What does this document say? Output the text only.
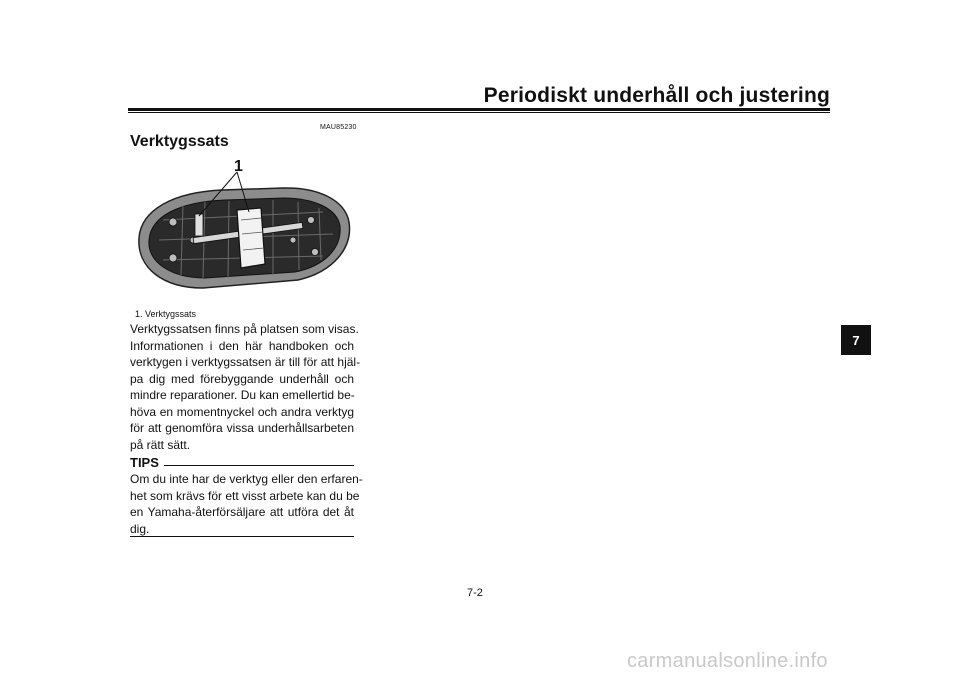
Periodiskt underhåll och justering
MAU85230
Verktygssats
1
1. Verktygssats
Verktygssatsen finns på platsen som visas.
Informationen i den här handboken och
verktygen i verktygssatsen är till för att hjäl-
pa dig med förebyggande underhåll och
mindre reparationer. Du kan emellertid be-
höva en momentnyckel och andra verktyg
för att genomföra vissa underhållsarbeten
på rätt sätt.
TIPS
Om du inte har de verktyg eller den erfaren-
het som krävs för ett visst arbete kan du be
en Yamaha-återförsäljare att utföra det åt
dig.
7
7-2
carmanualsonline.info
